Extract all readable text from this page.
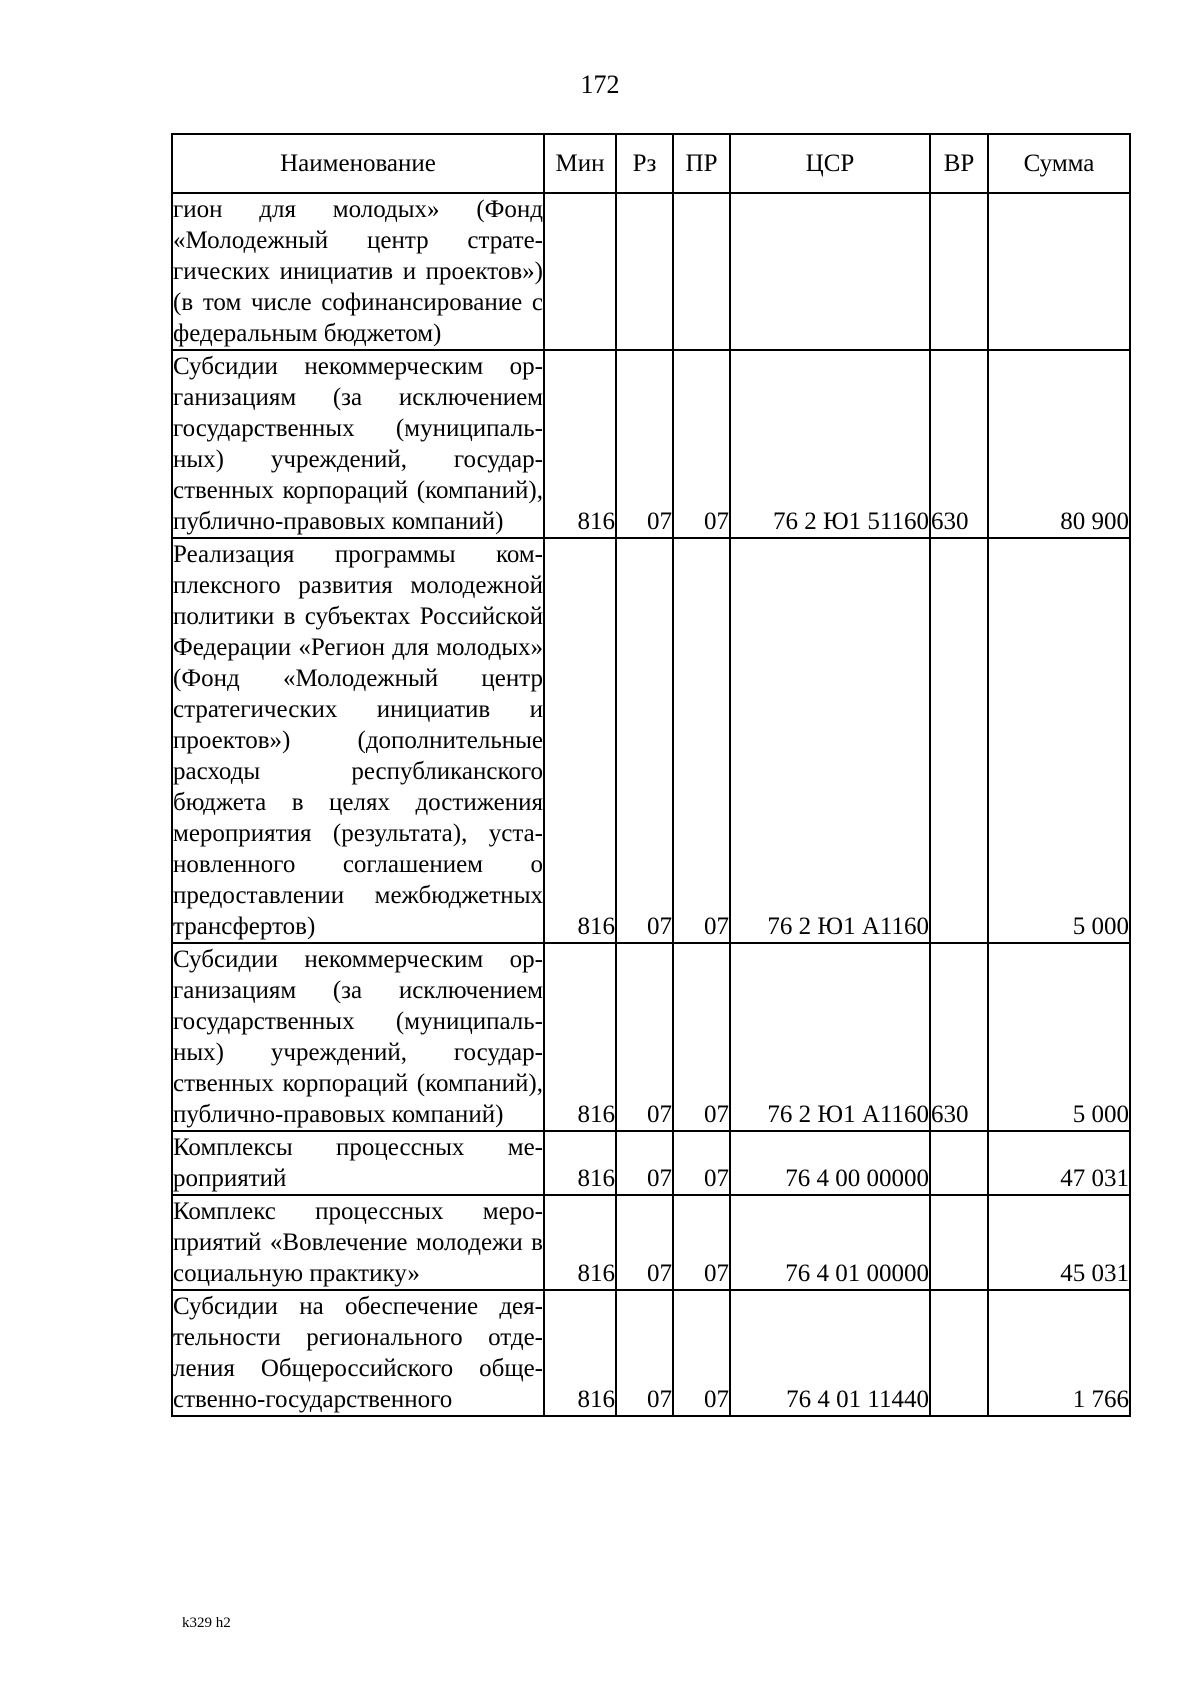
172
Наименование	Мин	Рз	ПР	ЦСР	ВР	Сумма
гион для молодых» (Фонд «Молодежный центр стратегических инициатив и проектов») (в том числе софинансирование с федеральным бюджетом)						
Субсидии некоммерческим организациям (за исключением государственных (муниципальных) учреждений, государственных корпораций (компаний), публично-правовых компаний)	816	07	07	76 2 Ю1 51160	630	80 900
Реализация программы комплексного развития молодежной политики в субъектах Российской Федерации «Регион для молодых» (Фонд «Молодежный центр стратегических инициатив и проектов») (дополнительные расходы республиканского бюджета в целях достижения мероприятия (результата), установленного соглашением о предоставлении межбюджетных трансфертов)	816	07	07	76 2 Ю1 А1160		5 000
Субсидии некоммерческим организациям (за исключением государственных (муниципальных) учреждений, государственных корпораций (компаний), публично-правовых компаний)	816	07	07	76 2 Ю1 А1160	630	5 000
Комплексы процессных мероприятий	816	07	07	76 4 00 00000		47 031
Комплекс процессных мероприятий «Вовлечение молодежи в социальную практику»	816	07	07	76 4 01 00000		45 031
Субсидии на обеспечение деятельности регионального отделения Общероссийского общественно-государственного	816	07	07	76 4 01 11440		1 766
k329 h2
